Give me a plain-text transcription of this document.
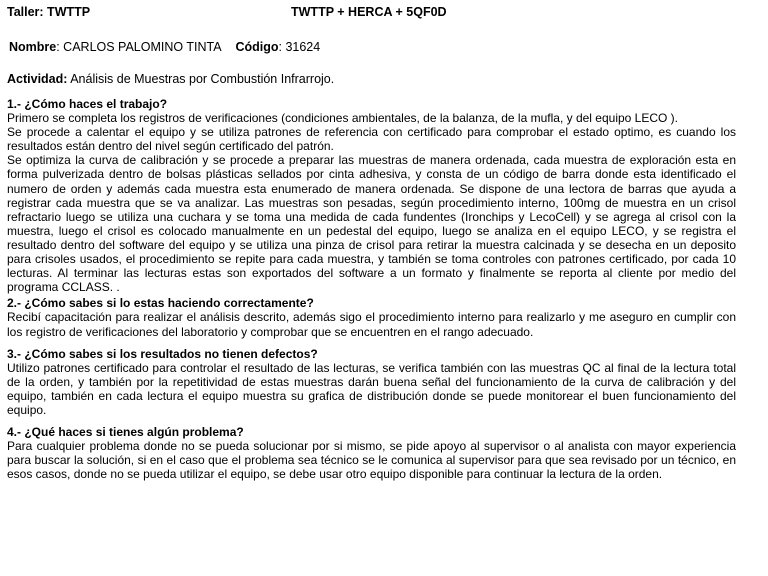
Taller: TWTTP	TWTTP + HERCA + 5QF0D
Nombre: CARLOS PALOMINO TINTA Código: 31624
Actividad: Análisis de Muestras por Combustión Infrarrojo.

1.- ¿Cómo haces el trabajo?

Primero se completa los registros de verificaciones (condiciones ambientales, de la balanza, de la mufla, y del equipo LECO ).

Se procede a calentar el equipo y se utiliza patrones de referencia con certificado para comprobar el estado optimo, es cuando los resultados están dentro del nivel según certificado del patrón.

Se optimiza la curva de calibración y se procede a preparar las muestras de manera ordenada, cada muestra de exploración esta en forma pulverizada dentro de bolsas plásticas sellados por cinta adhesiva, y consta de un código de barra donde esta identificado el numero de orden y además cada muestra esta enumerado de manera ordenada. Se dispone de una lectora de barras que ayuda a registrar cada muestra que se va analizar. Las muestras son pesadas, según procedimiento interno, 100mg de muestra en un crisol refractario luego se utiliza una cuchara y se toma una medida de cada fundentes (Ironchips y LecoCell) y se agrega al crisol con la muestra, luego el crisol es colocado manualmente en un pedestal del equipo, luego se analiza en el equipo LECO, y se registra el resultado dentro del software del equipo y se utiliza una pinza de crisol para retirar la muestra calcinada y se desecha en un deposito para crisoles usados, el procedimiento se repite para cada muestra, y también se toma controles con patrones certificado, por cada 10 lecturas. Al terminar las lecturas estas son exportados del software a un formato y finalmente se reporta al cliente por medio del programa CCLASS. .

2.- ¿Cómo sabes si lo estas haciendo correctamente?

Recibí capacitación para realizar el análisis descrito, además sigo el procedimiento interno para realizarlo y me aseguro en cumplir con los registro de verificaciones del laboratorio y comprobar que se encuentren en el rango adecuado.

3.- ¿Cómo sabes si los resultados no tienen defectos?

Utilizo patrones certificado para controlar el resultado de las lecturas, se verifica también con las muestras QC al final de la lectura total de la orden, y también por la repetitividad de estas muestras darán buena señal del funcionamiento de la curva de calibración y del equipo, también en cada lectura el equipo muestra su grafica de distribución donde se puede monitorear el buen funcionamiento del equipo.

4.- ¿Qué haces si tienes algún problema?

Para cualquier problema donde no se pueda solucionar por si mismo, se pide apoyo al supervisor o al analista con mayor experiencia para buscar la solución, si en el caso que el problema sea técnico se le comunica al supervisor para que sea revisado por un técnico, en esos casos, donde no se pueda utilizar el equipo, se debe usar otro equipo disponible para continuar la lectura de la orden.
